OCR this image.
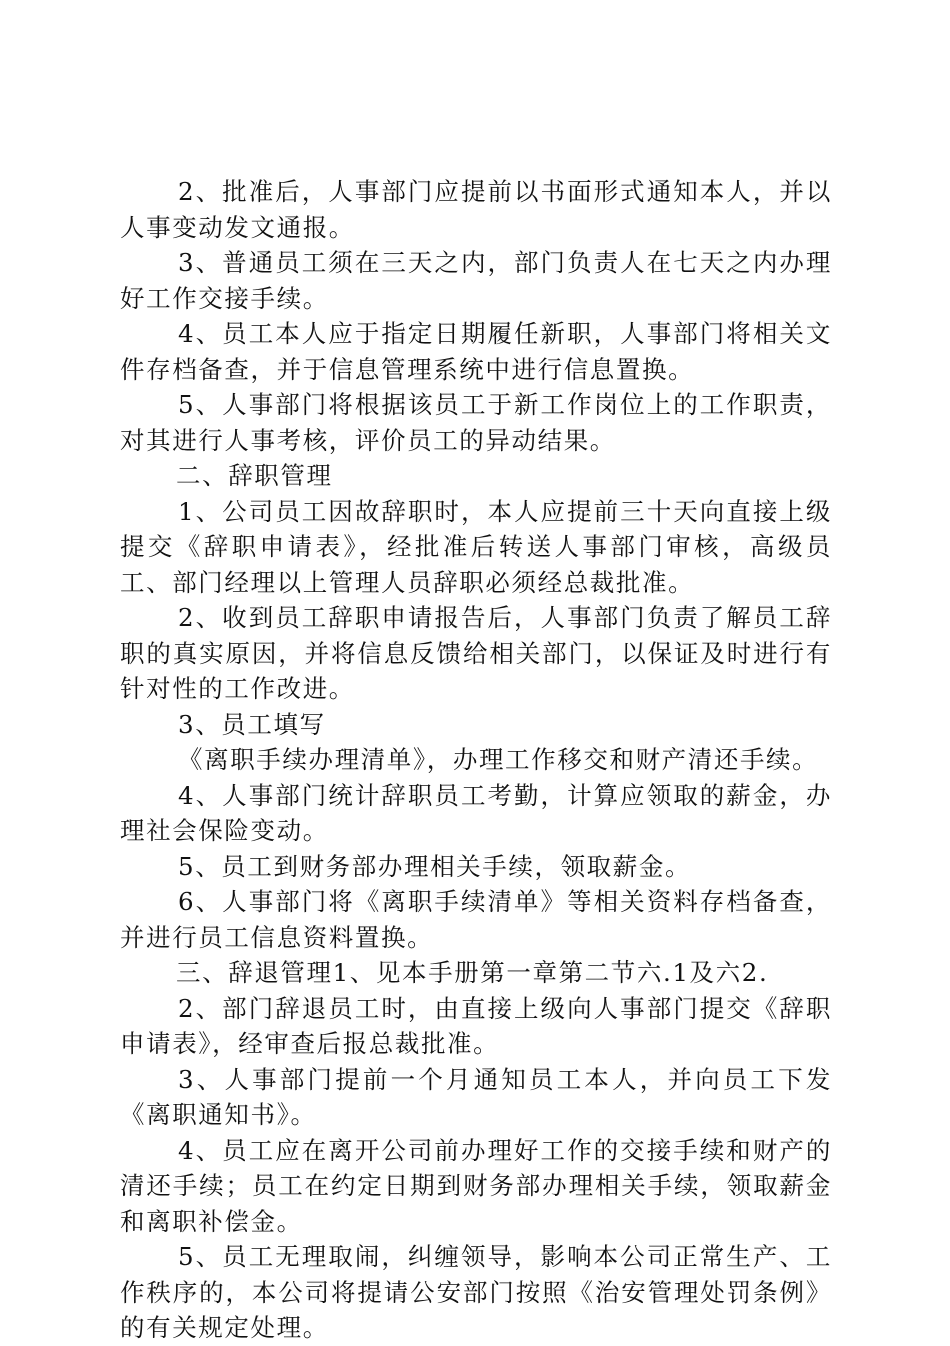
2、批准后，人事部门应提前以书面形式通知本人，并以人事变动发文通报。

3、普通员工须在三天之内，部门负责人在七天之内办理好工作交接手续。

4、员工本人应于指定日期履任新职，人事部门将相关文件存档备查，并于信息管理系统中进行信息置换。

5、人事部门将根据该员工于新工作岗位上的工作职责，对其进行人事考核，评价员工的异动结果。

二、辞职管理

1、公司员工因故辞职时，本人应提前三十天向直接上级提交《辞职申请表》，经批准后转送人事部门审核，高级员工、部门经理以上管理人员辞职必须经总裁批准。

2、收到员工辞职申请报告后，人事部门负责了解员工辞职的真实原因，并将信息反馈给相关部门，以保证及时进行有针对性的工作改进。

3、员工填写

《离职手续办理清单》，办理工作移交和财产清还手续。

4、人事部门统计辞职员工考勤，计算应领取的薪金，办理社会保险变动。

5、员工到财务部办理相关手续，领取薪金。

6、人事部门将《离职手续清单》等相关资料存档备查，并进行员工信息资料置换。

三、辞退管理1、见本手册第一章第二节六.1及六2.

2、部门辞退员工时，由直接上级向人事部门提交《辞职申请表》，经审查后报总裁批准。

3、人事部门提前一个月通知员工本人，并向员工下发《离职通知书》。

4、员工应在离开公司前办理好工作的交接手续和财产的清还手续；员工在约定日期到财务部办理相关手续，领取薪金和离职补偿金。

5、员工无理取闹，纠缠领导，影响本公司正常生产、工作秩序的，本公司将提请公安部门按照《治安管理处罚条例》的有关规定处理。
